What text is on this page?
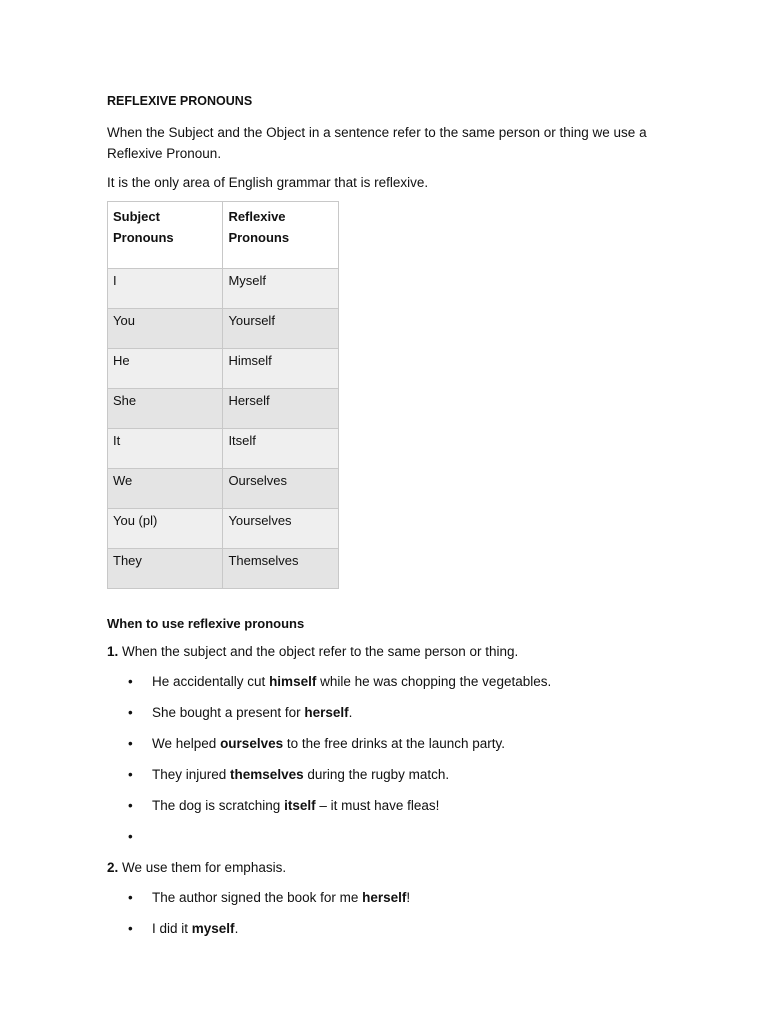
REFLEXIVE PRONOUNS

When the Subject and the Object in a sentence refer to the same person or thing we use a Reflexive Pronoun.

It is the only area of English grammar that is reflexive.

Subject Pronouns	Reflexive Pronouns
I	Myself
You	Yourself
He	Himself
She	Herself
It	Itself
We	Ourselves
You (pl)	Yourselves
They	Themselves
When to use reflexive pronouns
1. When the subject and the object refer to the same person or thing.
• He accidentally cut himself while he was chopping the vegetables.
• She bought a present for herself.
• We helped ourselves to the free drinks at the launch party.
• They injured themselves during the rugby match.
• The dog is scratching itself – it must have fleas!
•
2. We use them for emphasis.
• The author signed the book for me herself!
• I did it myself.
